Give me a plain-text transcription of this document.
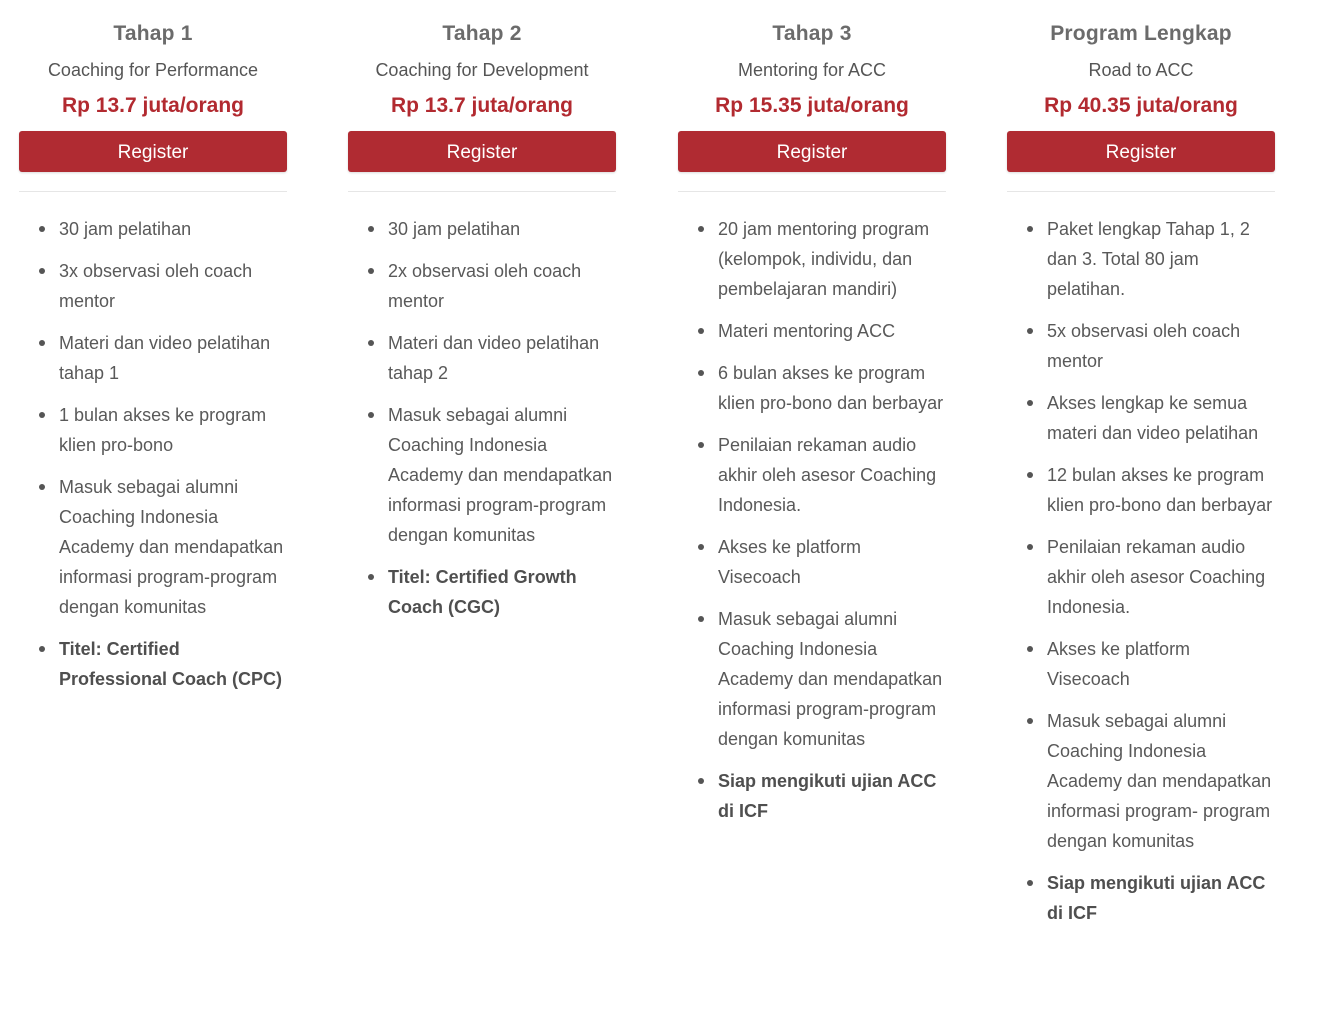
Tahap 1
Coaching for Performance
Rp 13.7 juta/orang
Register
30 jam pelatihan
3x observasi oleh coach mentor
Materi dan video pelatihan tahap 1
1 bulan akses ke program klien pro-bono
Masuk sebagai alumni Coaching Indonesia Academy dan mendapatkan informasi program-program dengan komunitas
Titel: Certified Professional Coach (CPC)
Tahap 2
Coaching for Development
Rp 13.7 juta/orang
Register
30 jam pelatihan
2x observasi oleh coach mentor
Materi dan video pelatihan tahap 2
Masuk sebagai alumni Coaching Indonesia Academy dan mendapatkan informasi program-program dengan komunitas
Titel: Certified Growth Coach (CGC)
Tahap 3
Mentoring for ACC
Rp 15.35 juta/orang
Register
20 jam mentoring program (kelompok, individu, dan pembelajaran mandiri)
Materi mentoring ACC
6 bulan akses ke program klien pro-bono dan berbayar
Penilaian rekaman audio akhir oleh asesor Coaching Indonesia.
Akses ke platform Visecoach
Masuk sebagai alumni Coaching Indonesia Academy dan mendapatkan informasi program-program dengan komunitas
Siap mengikuti ujian ACC di ICF
Program Lengkap
Road to ACC
Rp 40.35 juta/orang
Register
Paket lengkap Tahap 1, 2 dan 3. Total 80 jam pelatihan.
5x observasi oleh coach mentor
Akses lengkap ke semua materi dan video pelatihan
12 bulan akses ke program klien pro-bono dan berbayar
Penilaian rekaman audio akhir oleh asesor Coaching Indonesia.
Akses ke platform Visecoach
Masuk sebagai alumni Coaching Indonesia Academy dan mendapatkan informasi program- program dengan komunitas
Siap mengikuti ujian ACC di ICF
